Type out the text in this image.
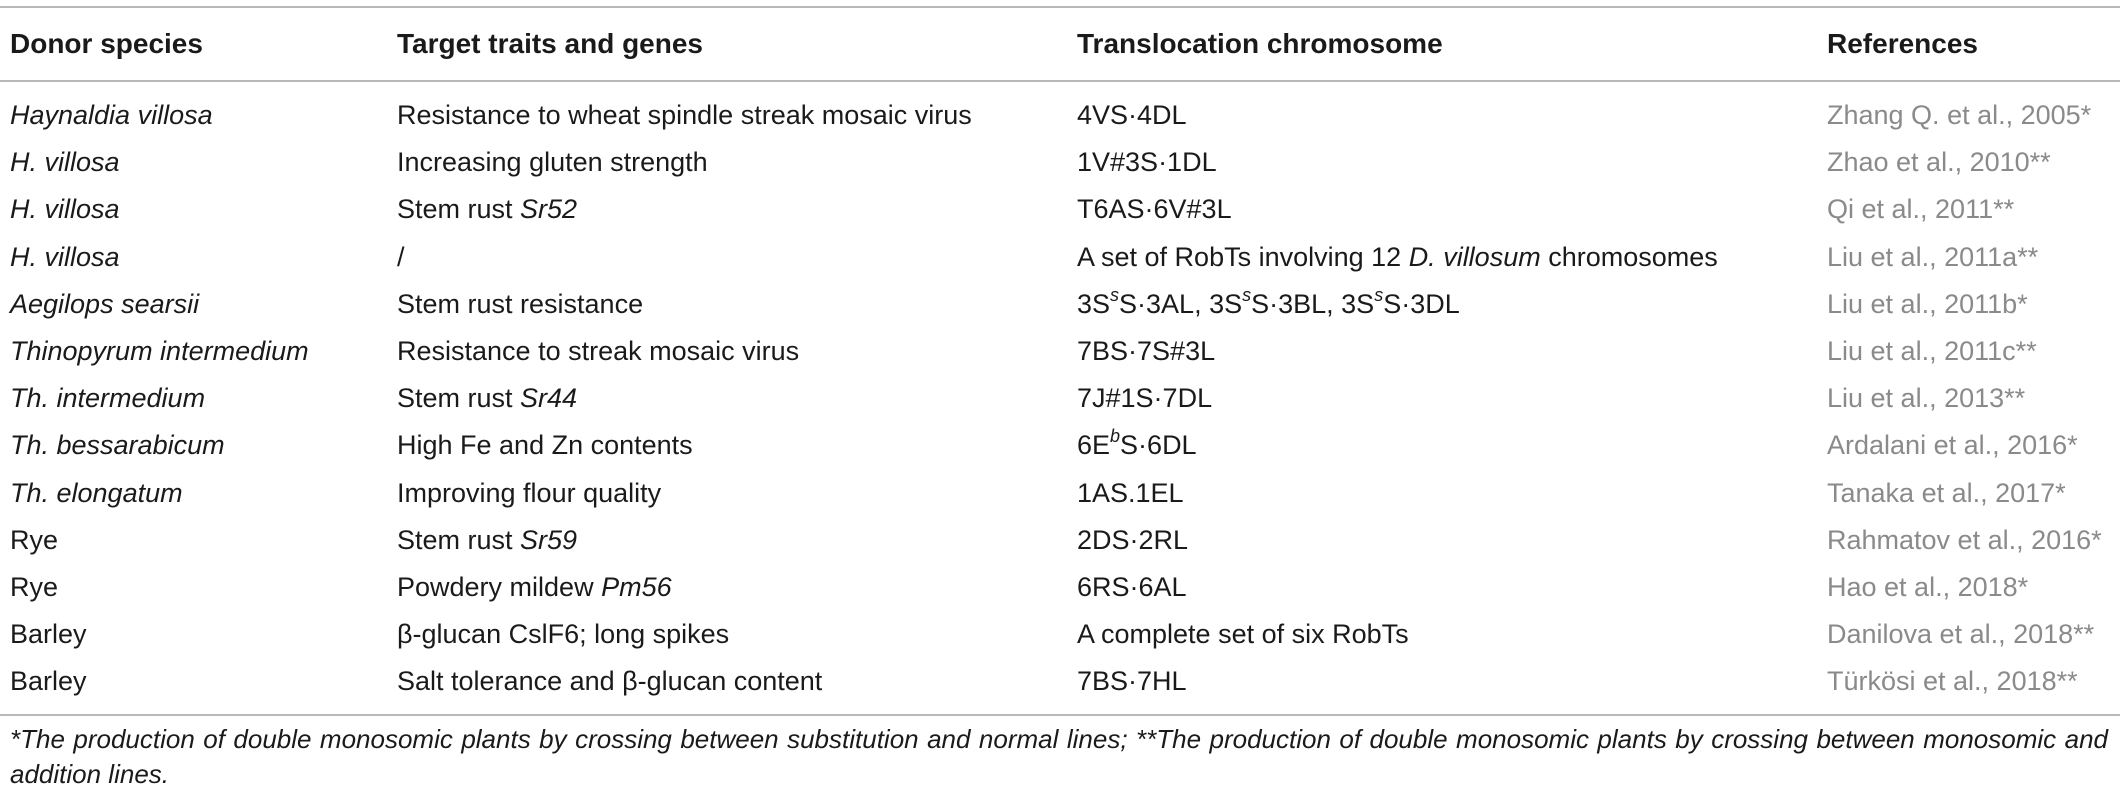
Donor species	Target traits and genes	Translocation chromosome	References
Haynaldia villosa	Resistance to wheat spindle streak mosaic virus	4VS·4DL	Zhang Q. et al., 2005*
H. villosa	Increasing gluten strength	1V#3S·1DL	Zhao et al., 2010**
H. villosa	Stem rust Sr52	T6AS·6V#3L	Qi et al., 2011**
H. villosa	/	A set of RobTs involving 12 D. villosum chromosomes	Liu et al., 2011a**
Aegilops searsii	Stem rust resistance	$3S^sS\cdot 3AL$, $3S^sS\cdot 3BL$, $3S^sS\cdot 3DL$	Liu et al., 2011b*
Thinopyrum intermedium	Resistance to streak mosaic virus	7BS·7S#3L	Liu et al., 2011c**
Th. intermedium	Stem rust Sr44	7J#1S·7DL	Liu et al., 2013**
Th. bessarabicum	High Fe and Zn contents	$6E^bS\cdot 6DL$	Ardalani et al., 2016*
Th. elongatum	Improving flour quality	1AS.1EL	Tanaka et al., 2017*
Rye	Stem rust Sr59	2DS·2RL	Rahmatov et al., 2016*
Rye	Powdery mildew Pm56	6RS·6AL	Hao et al., 2018*
Barley	β-glucan CslF6; long spikes	A complete set of six RobTs	Danilova et al., 2018**
Barley	Salt tolerance and β-glucan content	7BS·7HL	Türkösi et al., 2018**
*The production of double monosomic plants by crossing between substitution and normal lines; **The production of double monosomic plants by crossing between monosomic and addition lines.
